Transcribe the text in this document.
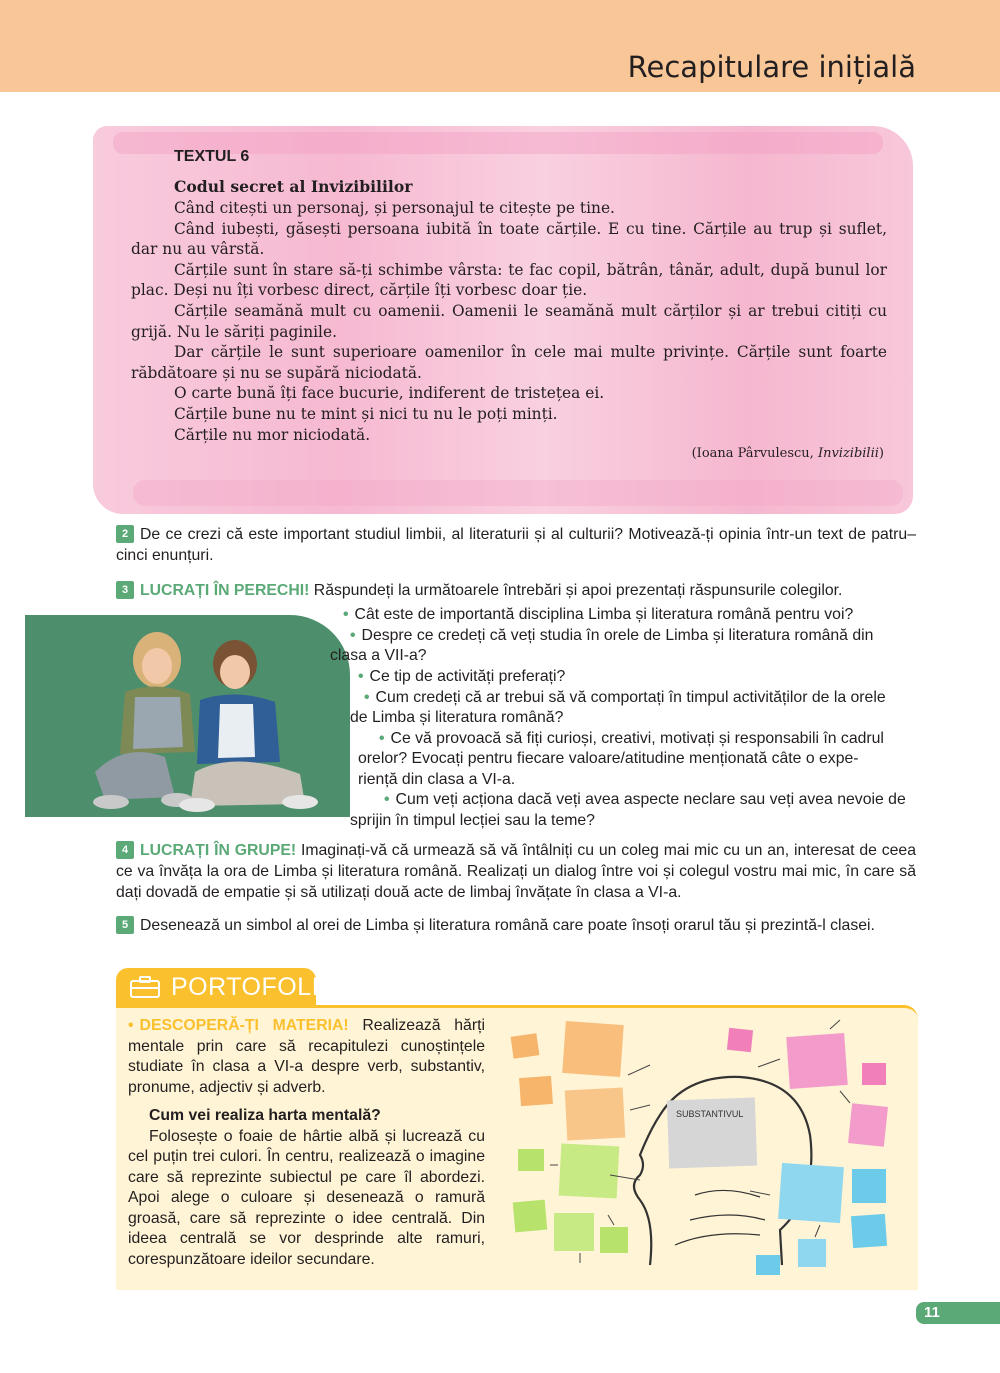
Recapitulare inițială
TEXTUL 6
Codul secret al Invizibililor

Când citești un personaj, și personajul te citește pe tine.

Când iubești, găsești persoana iubită în toate cărțile. E cu tine. Cărțile au trup și suflet, dar nu au vârstă.

Cărțile sunt în stare să-ți schimbe vârsta: te fac copil, bătrân, tânăr, adult, după bunul lor plac. Deși nu îți vorbesc direct, cărțile îți vorbesc doar ție.

Cărțile seamănă mult cu oamenii. Oamenii le seamănă mult cărților și ar trebui citiți cu grijă. Nu le săriți paginile.

Dar cărțile le sunt superioare oamenilor în cele mai multe privințe. Cărțile sunt foarte răbdătoare și nu se supără niciodată.

O carte bună îți face bucurie, indiferent de tristețea ei.

Cărțile bune nu te mint și nici tu nu le poți minți.

Cărțile nu mor niciodată.

(Ioana Pârvulescu, Invizibilii)
2 De ce crezi că este important studiul limbii, al literaturii și al culturii? Motivează-ți opinia într-un text de patru–cinci enunțuri.
3 LUCRAȚI ÎN PERECHI! Răspundeți la următoarele întrebări și apoi prezentați răspunsurile colegilor.
• Cât este de importantă disciplina Limba și literatura română pentru voi?
• Despre ce credeți că veți studia în orele de Limba și literatura română din
clasa a VII-a?
• Ce tip de activități preferați?
• Cum credeți că ar trebui să vă comportați în timpul activităților de la orele
de Limba și literatura română?
• Ce vă provoacă să fiți curioși, creativi, motivați și responsabili în cadrul
orelor? Evocați pentru fiecare valoare/atitudine menționată câte o expe-
riență din clasa a VI-a.
• Cum veți acționa dacă veți avea aspecte neclare sau veți avea nevoie de
sprijin în timpul lecției sau la teme?
4 LUCRAȚI ÎN GRUPE! Imaginați-vă că urmează să vă întâlniți cu un coleg mai mic cu un an, interesat de ceea ce va învăța la ora de Limba și literatura română. Realizați un dialog între voi și colegul vostru mai mic, în care să dați dovadă de empatie și să utilizați două acte de limbaj învățate în clasa a VI-a.
5 Desenează un simbol al orei de Limba și literatura română care poate însoți orarul tău și prezintă-l clasei.
PORTOFOLIU
• DESCOPERĂ-ȚI MATERIA! Realizează hărți mentale prin care să recapitulezi cunoștințele studiate în clasa a VI-a despre verb, substantiv, pronume, adjectiv și adverb.

Cum vei realiza harta mentală?

Folosește o foaie de hârtie albă și lucrează cu cel puțin trei culori. În centru, realizează o imagine care să reprezinte subiectul pe care îl abordezi. Apoi alege o culoare și desenează o ramură groasă, care să reprezinte o idee centrală. Din ideea centrală se vor desprinde alte ramuri, corespunzătoare ideilor secundare.

SUBSTANTIVUL
11
